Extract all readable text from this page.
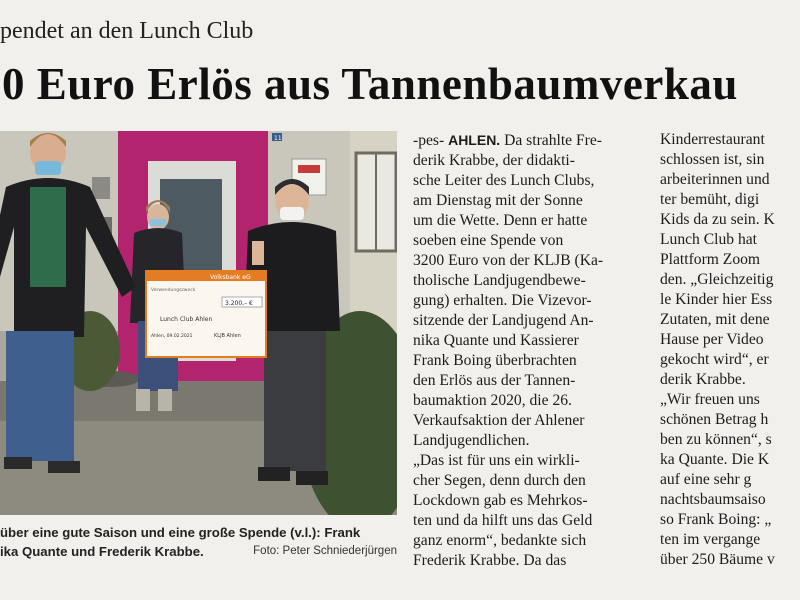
pendet an den Lunch Club
0 Euro Erlös aus Tannenbaumverkau
11
Volksbank eG
Verwendungszweck
3.200,– €
Lunch Club Ahlen
Ahlen, 09.02.2021	KLJB Ahlen
über eine gute Saison und eine große Spende (v.l.): Frank
ika Quante und Frederik Krabbe.	Foto: Peter Schniederjürgen
-pes- AHLEN. Da strahlte Fre-
derik Krabbe, der didakti-
sche Leiter des Lunch Clubs,
am Dienstag mit der Sonne
um die Wette. Denn er hatte
soeben eine Spende von
3200 Euro von der KLJB (Ka-
tholische Landjugendbewe-
gung) erhalten. Die Vizevor-
sitzende der Landjugend An-
nika Quante und Kassierer
Frank Boing überbrachten
den Erlös aus der Tannen-
baumaktion 2020, die 26.
Verkaufsaktion der Ahlener
Landjugendlichen.
„Das ist für uns ein wirkli-
cher Segen, denn durch den
Lockdown gab es Mehrkos-
ten und da hilft uns das Geld
ganz enorm“, bedankte sich
Frederik Krabbe. Da das
Kinderrestaurant
schlossen ist, sin
arbeiterinnen und
ter bemüht, digi
Kids da zu sein. K
Lunch Club hat
Plattform Zoom
den. „Gleichzeitig
le Kinder hier Ess
Zutaten, mit dene
Hause per Video
gekocht wird“, er
derik Krabbe.
„Wir freuen uns
schönen Betrag h
ben zu können“, s
ka Quante. Die K
auf eine sehr g
nachtsbaumsaiso
so Frank Boing: „
ten im vergange
über 250 Bäume v
